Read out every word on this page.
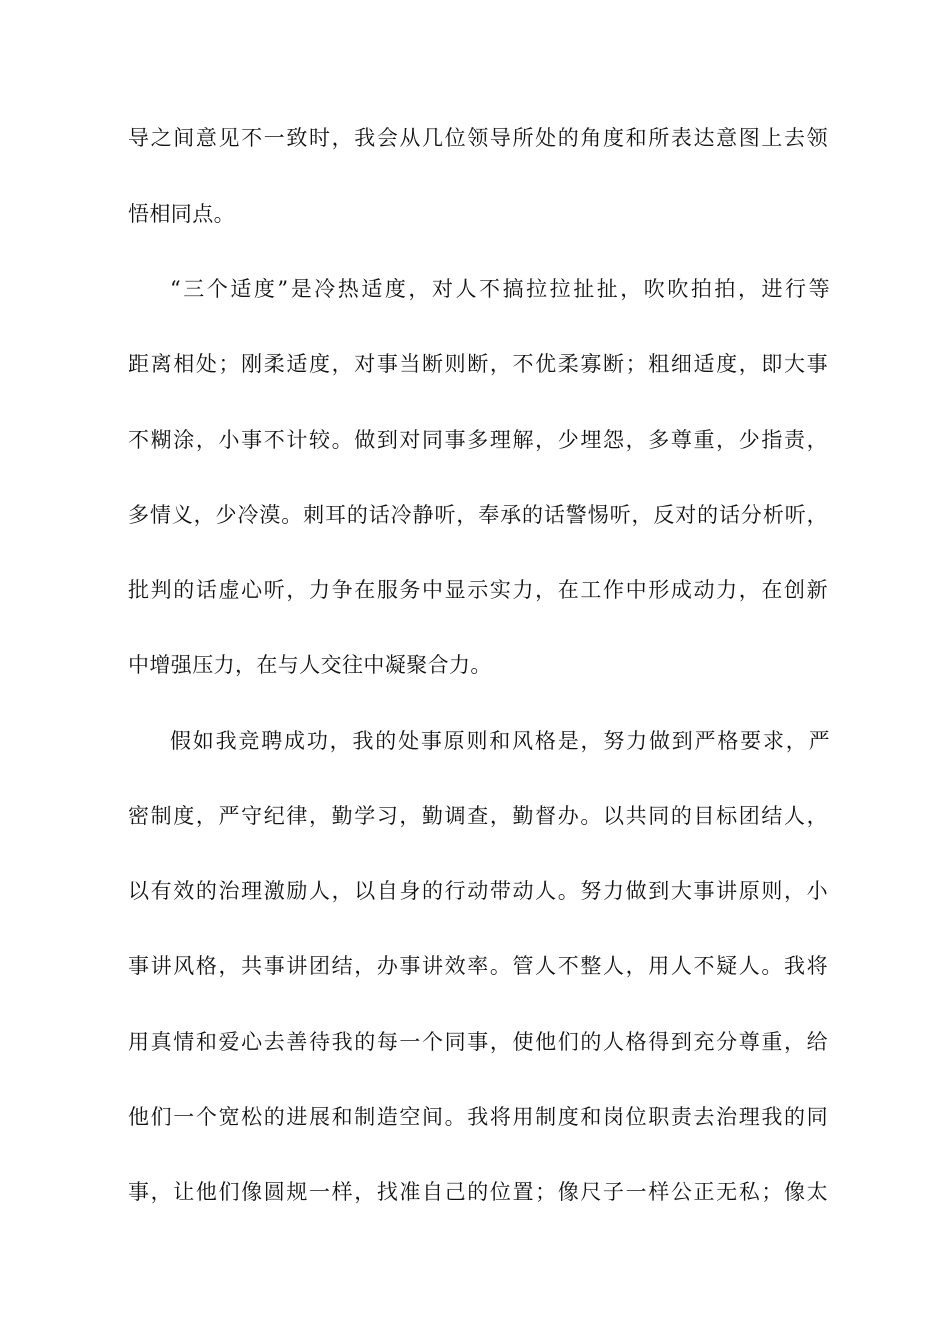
导之间意见不一致时，我会从几位领导所处的角度和所表达意图上去领

悟相同点。

“三个适度”是冷热适度，对人不搞拉拉扯扯，吹吹拍拍，进行等

距离相处；刚柔适度，对事当断则断，不优柔寡断；粗细适度，即大事

不糊涂，小事不计较。做到对同事多理解，少埋怨，多尊重，少指责，

多情义，少冷漠。刺耳的话冷静听，奉承的话警惕听，反对的话分析听，

批判的话虚心听，力争在服务中显示实力，在工作中形成动力，在创新

中增强压力，在与人交往中凝聚合力。

假如我竞聘成功，我的处事原则和风格是，努力做到严格要求，严

密制度，严守纪律，勤学习，勤调查，勤督办。以共同的目标团结人，

以有效的治理激励人，以自身的行动带动人。努力做到大事讲原则，小

事讲风格，共事讲团结，办事讲效率。管人不整人，用人不疑人。我将

用真情和爱心去善待我的每一个同事，使他们的人格得到充分尊重，给

他们一个宽松的进展和制造空间。我将用制度和岗位职责去治理我的同

事，让他们像圆规一样，找准自己的位置；像尺子一样公正无私；像太
